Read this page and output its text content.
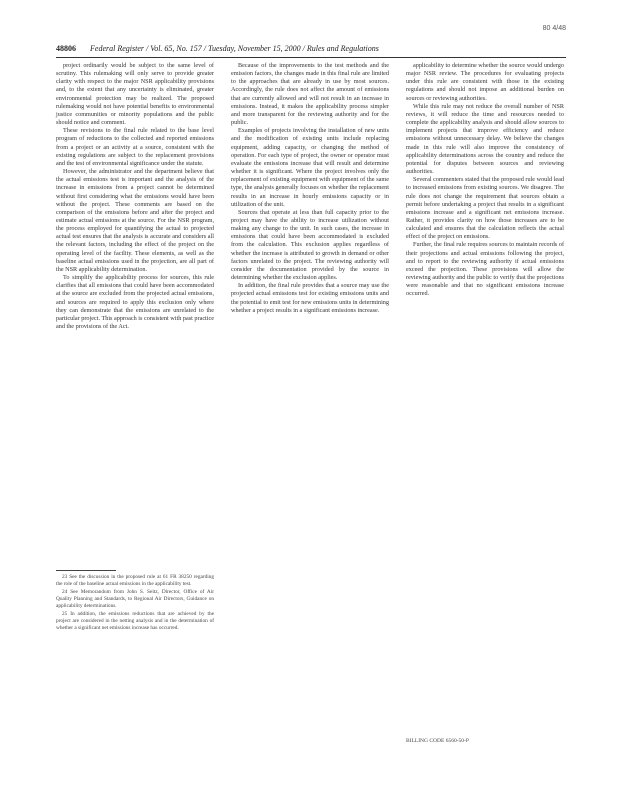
80 4/48
48806 Federal Register / Vol. 65, No. 157 / Tuesday, November 15, 2000 / Rules and Regulations

project ordinarily would be subject to the same level of scrutiny. This rulemaking will only serve to provide greater clarity with respect to the major NSR applicability provisions and, to the extent that any uncertainty is eliminated, greater environmental protection may be realized. The proposed rulemaking would not have potential benefits to environmental justice communities or minority populations and the public should notice and comment.

These revisions to the final rule related to the base level program of reductions to the collected and reported emissions from a project or an activity at a source, consistent with the existing regulations are subject to the replacement provisions and the test of environmental significance under the statute.

However, the administrator and the department believe that the actual emissions test is important and the analysis of the increase in emissions from a project cannot be determined without first considering what the emissions would have been without the project. These comments are based on the comparison of the emissions before and after the project and estimate actual emissions at the source. For the NSR program, the process employed for quantifying the actual to projected actual test ensures that the analysis is accurate and considers all the relevant factors, including the effect of the project on the operating level of the facility. These elements, as well as the baseline actual emissions used in the projection, are all part of the NSR applicability determination.

To simplify the applicability process for sources, this rule clarifies that all emissions that could have been accommodated at the source are excluded from the projected actual emissions, and sources are required to apply this exclusion only where they can demonstrate that the emissions are unrelated to the particular project. This approach is consistent with past practice and the provisions of the Act.

Because of the improvements to the test methods and the emission factors, the changes made in this final rule are limited to the approaches that are already in use by most sources. Accordingly, the rule does not affect the amount of emissions that are currently allowed and will not result in an increase in emissions. Instead, it makes the applicability process simpler and more transparent for the reviewing authority and for the public.

Examples of projects involving the installation of new units and the modification of existing units include replacing equipment, adding capacity, or changing the method of operation. For each type of project, the owner or operator must evaluate the emissions increase that will result and determine whether it is significant. Where the project involves only the replacement of existing equipment with equipment of the same type, the analysis generally focuses on whether the replacement results in an increase in hourly emissions capacity or in utilization of the unit.

Sources that operate at less than full capacity prior to the project may have the ability to increase utilization without making any change to the unit. In such cases, the increase in emissions that could have been accommodated is excluded from the calculation. This exclusion applies regardless of whether the increase is attributed to growth in demand or other factors unrelated to the project. The reviewing authority will consider the documentation provided by the source in determining whether the exclusion applies.

In addition, the final rule provides that a source may use the projected actual emissions test for existing emissions units and the potential to emit test for new emissions units in determining whether a project results in a significant emissions increase.

applicability to determine whether the source would undergo major NSR review. The procedures for evaluating projects under this rule are consistent with those in the existing regulations and should not impose an additional burden on sources or reviewing authorities.

While this rule may not reduce the overall number of NSR reviews, it will reduce the time and resources needed to complete the applicability analysis and should allow sources to implement projects that improve efficiency and reduce emissions without unnecessary delay. We believe the changes made in this rule will also improve the consistency of applicability determinations across the country and reduce the potential for disputes between sources and reviewing authorities.

Several commenters stated that the proposed rule would lead to increased emissions from existing sources. We disagree. The rule does not change the requirement that sources obtain a permit before undertaking a project that results in a significant emissions increase and a significant net emissions increase. Rather, it provides clarity on how those increases are to be calculated and ensures that the calculation reflects the actual effect of the project on emissions.

Further, the final rule requires sources to maintain records of their projections and actual emissions following the project, and to report to the reviewing authority if actual emissions exceed the projection. These provisions will allow the reviewing authority and the public to verify that the projections were reasonable and that no significant emissions increase occurred.

23 See the discussion in the proposed rule at 61 FR 38250 regarding the role of the baseline actual emissions in the applicability test.

24 See Memorandum from John S. Seitz, Director, Office of Air Quality Planning and Standards, to Regional Air Directors, Guidance on applicability determinations.

25 In addition, the emissions reductions that are achieved by the project are considered in the netting analysis and in the determination of whether a significant net emissions increase has occurred.

BILLING CODE 6560-50-P
